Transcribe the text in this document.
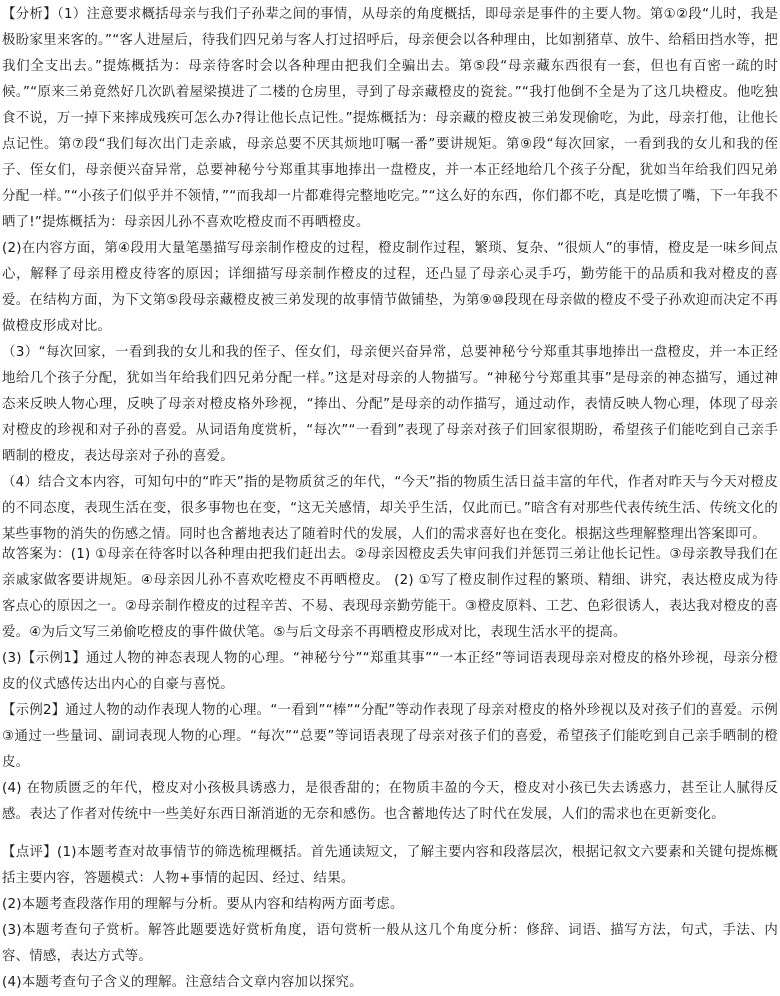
【分析】（1）注意要求概括母亲与我们子孙辈之间的事情，从母亲的角度概括，即母亲是事件的主要人物。第①②段“儿时，我是极盼家里来客的。”“客人进屋后，待我们四兄弟与客人打过招呼后，母亲便会以各种理由，比如割猪草、放牛、给稻田挡水等，把我们全支出去。”提炼概括为：母亲待客时会以各种理由把我们全骗出去。第⑤段“母亲藏东西很有一套，但也有百密一疏的时候。”“原来三弟竟然好几次趴着屋梁摸进了二楼的仓房里，寻到了母亲藏橙皮的瓷瓮。”“我打他倒不全是为了这几块橙皮。他吃独食不说，万一掉下来摔成残疾可怎么办?得让他长点记性。”提炼概括为：母亲藏的橙皮被三弟发现偷吃，为此，母亲打他，让他长点记性。第⑦段“我们每次出门走亲戚，母亲总要不厌其烦地叮嘱一番”要讲规矩。第⑨段“每次回家，一看到我的女儿和我的侄子、侄女们，母亲便兴奋异常，总要神秘兮兮郑重其事地捧出一盘橙皮，并一本正经地给几个孩子分配，犹如当年给我们四兄弟分配一样。”“小孩子们似乎并不领情，”“而我却一片都难得完整地吃完。”“这么好的东西，你们都不吃，真是吃惯了嘴，下一年我不晒了!”提炼概括为：母亲因儿孙不喜欢吃橙皮而不再晒橙皮。

(2)在内容方面，第④段用大量笔墨描写母亲制作橙皮的过程，橙皮制作过程，繁琐、复杂、“很烦人”的事情，橙皮是一味乡间点心，解释了母亲用橙皮待客的原因；详细描写母亲制作橙皮的过程，还凸显了母亲心灵手巧，勤劳能干的品质和我对橙皮的喜爱。在结构方面，为下文第⑤段母亲藏橙皮被三弟发现的故事情节做铺垫，为第⑨⑩段现在母亲做的橙皮不受子孙欢迎而决定不再做橙皮形成对比。

（3）“每次回家，一看到我的女儿和我的侄子、侄女们，母亲便兴奋异常，总要神秘兮兮郑重其事地捧出一盘橙皮，并一本正经地给几个孩子分配，犹如当年给我们四兄弟分配一样。”这是对母亲的人物描写。“神秘兮兮郑重其事”是母亲的神态描写，通过神态来反映人物心理，反映了母亲对橙皮格外珍视，“捧出、分配”是母亲的动作描写，通过动作，表情反映人物心理，体现了母亲对橙皮的珍视和对子孙的喜爱。从词语角度赏析，“每次”“一看到”表现了母亲对孩子们回家很期盼，希望孩子们能吃到自己亲手晒制的橙皮，表达母亲对子孙的喜爱。

（4）结合文本内容，可知句中的“昨天”指的是物质贫乏的年代，“今天”指的物质生活日益丰富的年代，作者对昨天与今天对橙皮的不同态度，表现生活在变，很多事物也在变，“这无关感情，却关乎生活，仅此而已。”暗含有对那些代表传统生活、传统文化的某些事物的消失的伤感之情。同时也含蓄地表达了随着时代的发展，人们的需求喜好也在变化。根据这些理解整理出答案即可。

故答案为：(1) ①母亲在待客时以各种理由把我们赶出去。②母亲因橙皮丢失审问我们并惩罚三弟让他长记性。③母亲教导我们在亲戚家做客要讲规矩。④母亲因儿孙不喜欢吃橙皮不再晒橙皮。 (2) ①写了橙皮制作过程的繁琐、精细、讲究，表达橙皮成为待客点心的原因之一。②母亲制作橙皮的过程辛苦、不易、表现母亲勤劳能干。③橙皮原料、工艺、色彩很诱人，表达我对橙皮的喜爱。④为后文写三弟偷吃橙皮的事件做伏笔。⑤与后文母亲不再晒橙皮形成对比，表现生活水平的提高。

(3)【示例1】通过人物的神态表现人物的心理。“神秘兮兮”“郑重其事”“一本正经”等词语表现母亲对橙皮的格外珍视，母亲分橙皮的仪式感传达出内心的自豪与喜悦。

【示例2】通过人物的动作表现人物的心理。“一看到”“棒”“分配”等动作表现了母亲对橙皮的格外珍视以及对孩子们的喜爱。示例③通过一些量词、副词表现人物的心理。“每次”“总要”等词语表现了母亲对孩子们的喜爱，希望孩子们能吃到自己亲手晒制的橙皮。

(4) 在物质匮乏的年代，橙皮对小孩极具诱惑力，是很香甜的；在物质丰盈的今天，橙皮对小孩已失去诱惑力，甚至让人腻得反感。表达了作者对传统中一些美好东西日渐消逝的无奈和感伤。也含蓄地传达了时代在发展，人们的需求也在更新变化。

【点评】(1)本题考查对故事情节的筛选梳理概括。首先通读短文，了解主要内容和段落层次，根据记叙文六要素和关键句提炼概括主要内容，答题模式：人物+事情的起因、经过、结果。

(2)本题考查段落作用的理解与分析。要从内容和结构两方面考虑。

(3)本题考查句子赏析。解答此题要选好赏析角度，语句赏析一般从这几个角度分析：修辞、词语、描写方法，句式，手法、内容、情感，表达方式等。

(4)本题考查句子含义的理解。注意结合文章内容加以探究。
